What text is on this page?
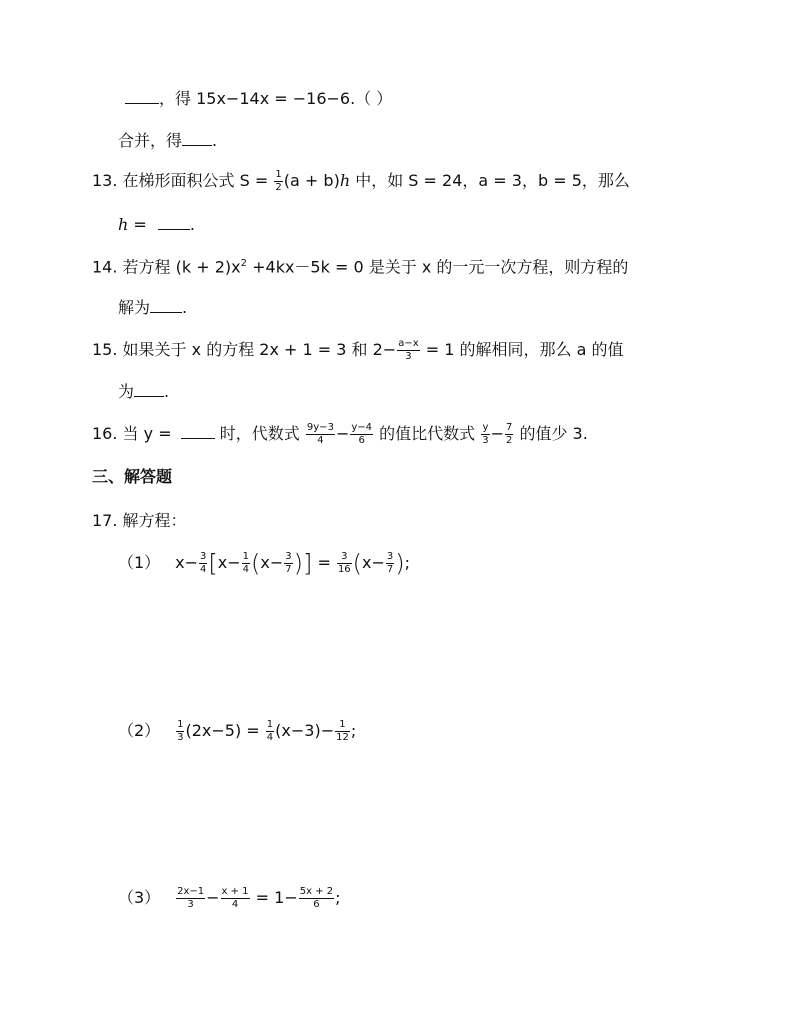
，得 15x−14x = −16−6.（ ）
合并，得 .
13. 在梯形面积公式 $S = \frac{1}{2} (a + b)h$ 中，如 S = 24，a = 3，b = 5，那么
h =	.
14. 若方程 $(k + 2)x^2 +4kx-5k = 0$ 是关于 x 的一元一次方程，则方程的
解为 .
15. 如果关于 x 的方程 2x + 1 = 3 和 $2- \frac{a-x}{3} = 1$ 的解相同，那么 a 的值
为 .
16. 当 y =	时，代数式 $\frac{9y-3}{4} - \frac{y-4}{6}$ 的值比代数式 $\frac{y}{3} - \frac{7}{2}$ 的值少 3.
三、解答题
17. 解方程：
（1） $x- \frac{3}{4} [x- \frac{1}{4} (x- \frac{3}{7}$ )] = $\frac{3}{16} (x- \frac{3}{7}$ );
$(2) \frac{1}{3} (2x-5) = \frac{1}{4} (x-3)- \frac{1}{12}$ ;
$(3) \frac{2x-1}{3} - \frac{x + 1}{4} = 1- \frac{5x + 2}{6}$ ;
